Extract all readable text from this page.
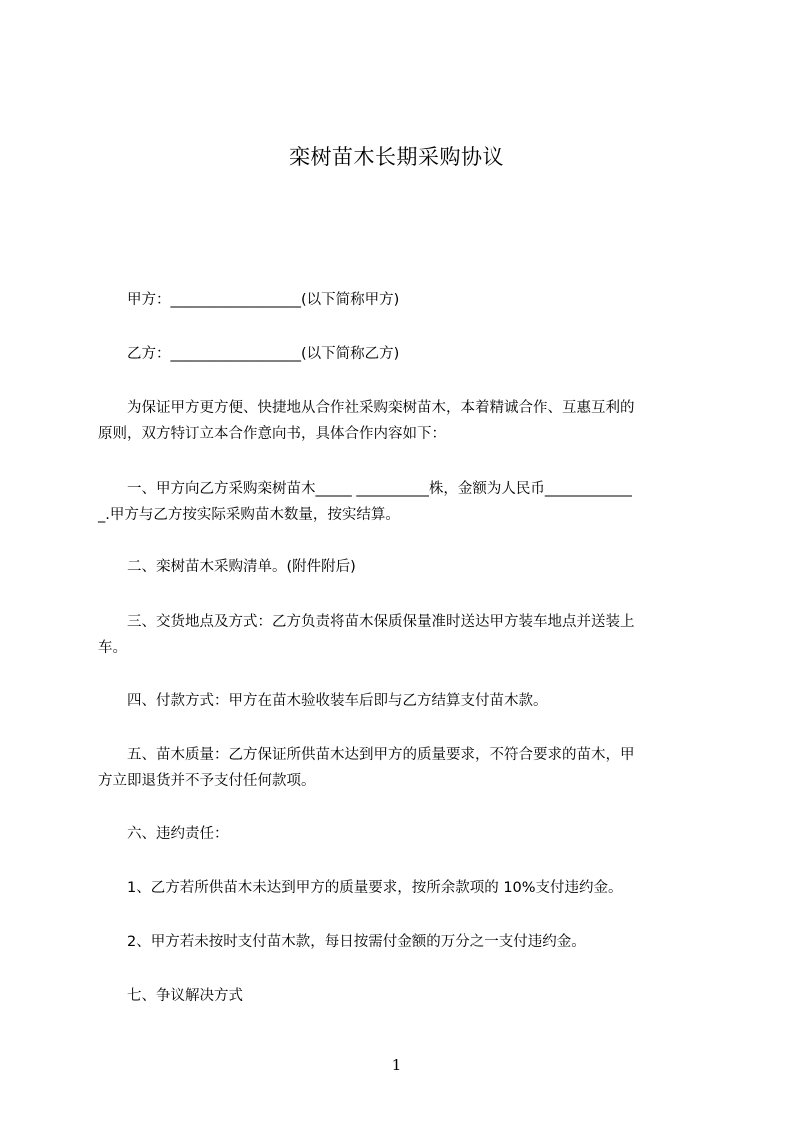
栾树苗木长期采购协议
　　甲方：__________________(以下简称甲方)
　　乙方：__________________(以下简称乙方)
　　为保证甲方更方便、快捷地从合作社采购栾树苗木，本着精诚合作、互惠互利的
原则，双方特订立本合作意向书，具体合作内容如下：
　　一、甲方向乙方采购栾树苗木_____ __________株，金额为人民币____________
_.甲方与乙方按实际采购苗木数量，按实结算。
　　二、栾树苗木采购清单。(附件附后)
　　三、交货地点及方式：乙方负责将苗木保质保量准时送达甲方装车地点并送装上
车。
　　四、付款方式：甲方在苗木验收装车后即与乙方结算支付苗木款。
　　五、苗木质量：乙方保证所供苗木达到甲方的质量要求，不符合要求的苗木，甲
方立即退货并不予支付任何款项。
　　六、违约责任：
　　1、乙方若所供苗木未达到甲方的质量要求，按所余款项的 10%支付违约金。
　　2、甲方若未按时支付苗木款，每日按需付金额的万分之一支付违约金。
　　七、争议解决方式
1
